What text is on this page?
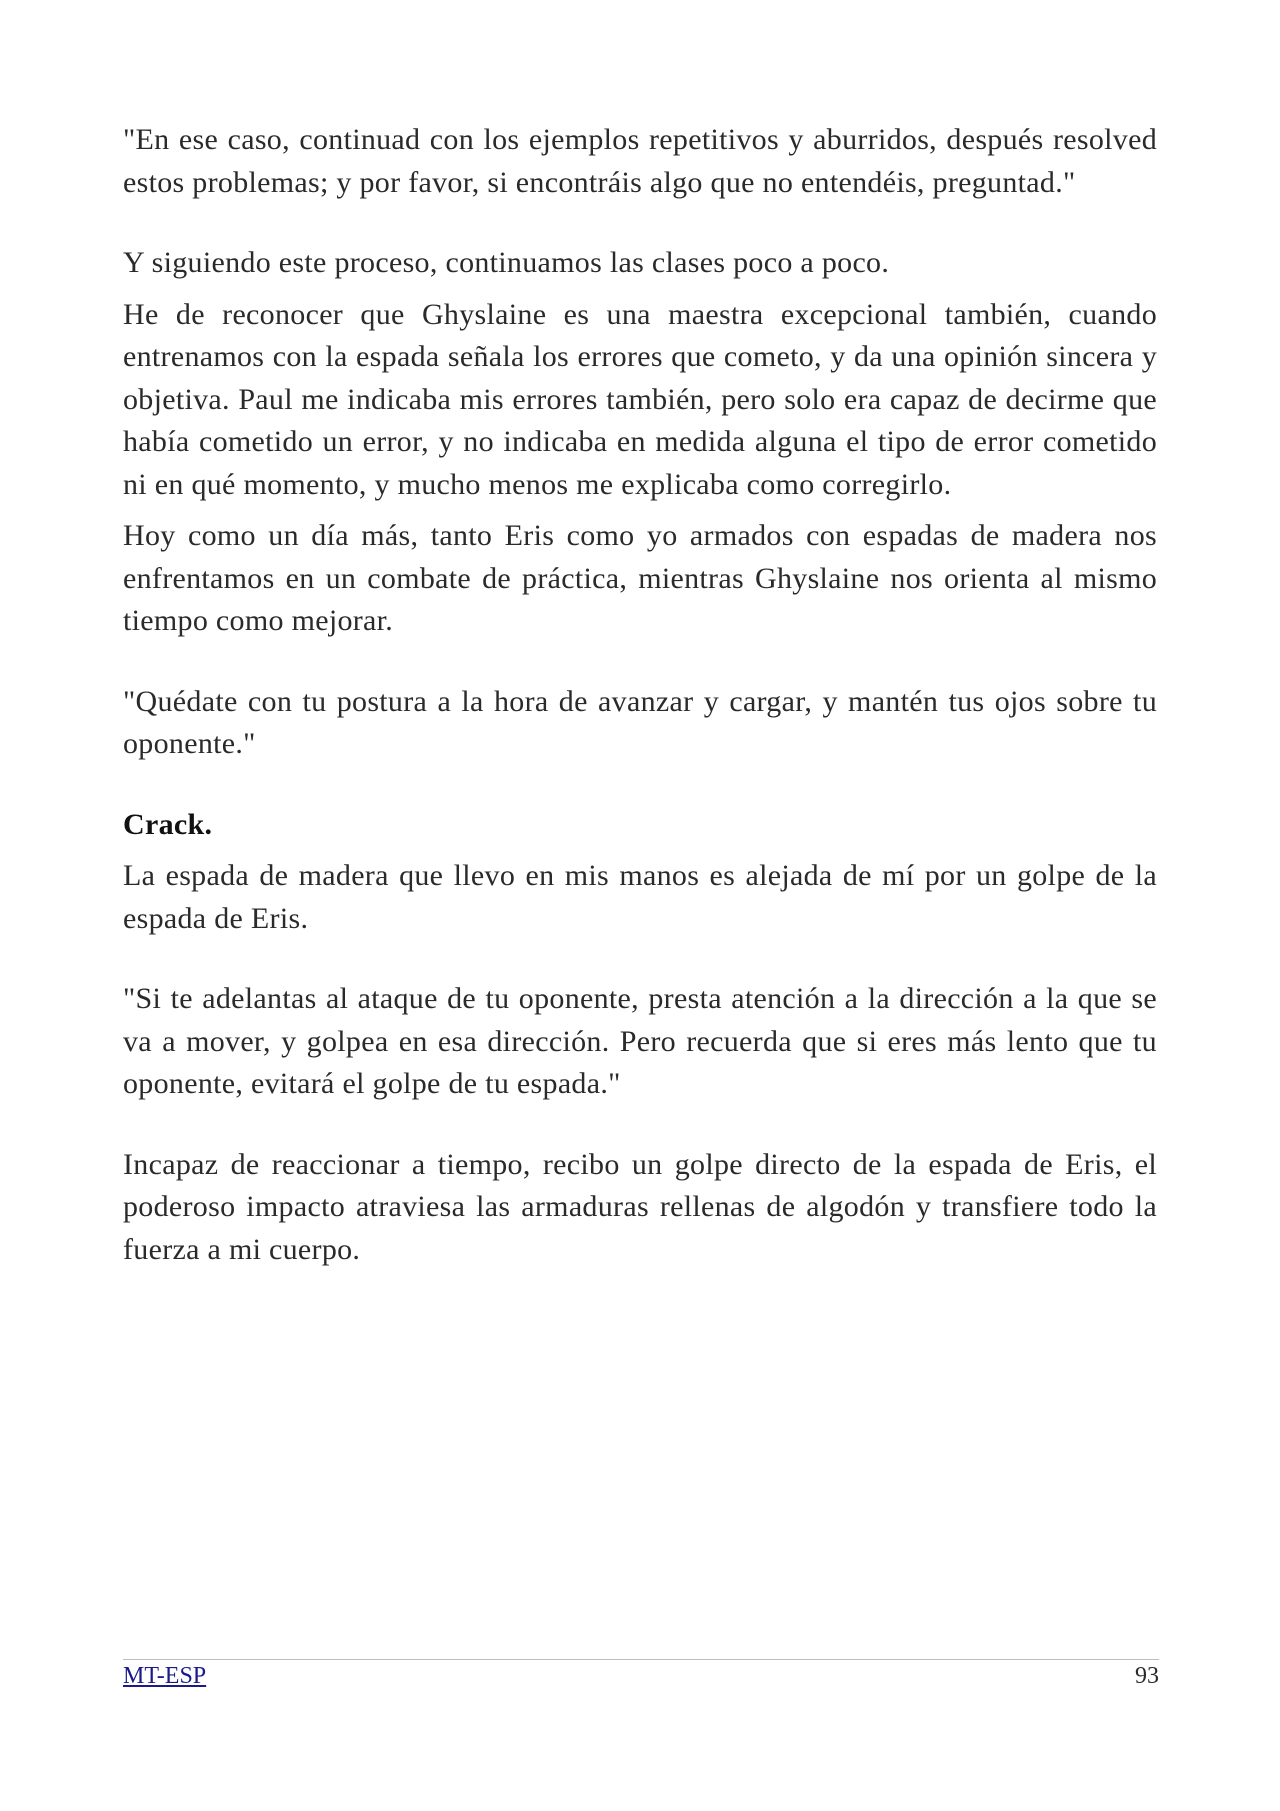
"En ese caso, continuad con los ejemplos repetitivos y aburridos, después resolved estos problemas; y por favor, si encontráis algo que no entendéis, preguntad."

Y siguiendo este proceso, continuamos las clases poco a poco.

He de reconocer que Ghyslaine es una maestra excepcional también, cuando entrenamos con la espada señala los errores que cometo, y da una opinión sincera y objetiva. Paul me indicaba mis errores también, pero solo era capaz de decirme que había cometido un error, y no indicaba en medida alguna el tipo de error cometido ni en qué momento, y mucho menos me explicaba como corregirlo.

Hoy como un día más, tanto Eris como yo armados con espadas de madera nos enfrentamos en un combate de práctica, mientras Ghyslaine nos orienta al mismo tiempo como mejorar.

"Quédate con tu postura a la hora de avanzar y cargar, y mantén tus ojos sobre tu oponente."

Crack.

La espada de madera que llevo en mis manos es alejada de mí por un golpe de la espada de Eris.

"Si te adelantas al ataque de tu oponente, presta atención a la dirección a la que se va a mover, y golpea en esa dirección. Pero recuerda que si eres más lento que tu oponente, evitará el golpe de tu espada."

Incapaz de reaccionar a tiempo, recibo un golpe directo de la espada de Eris, el poderoso impacto atraviesa las armaduras rellenas de algodón y transfiere todo la fuerza a mi cuerpo.

MT-ESP	93
